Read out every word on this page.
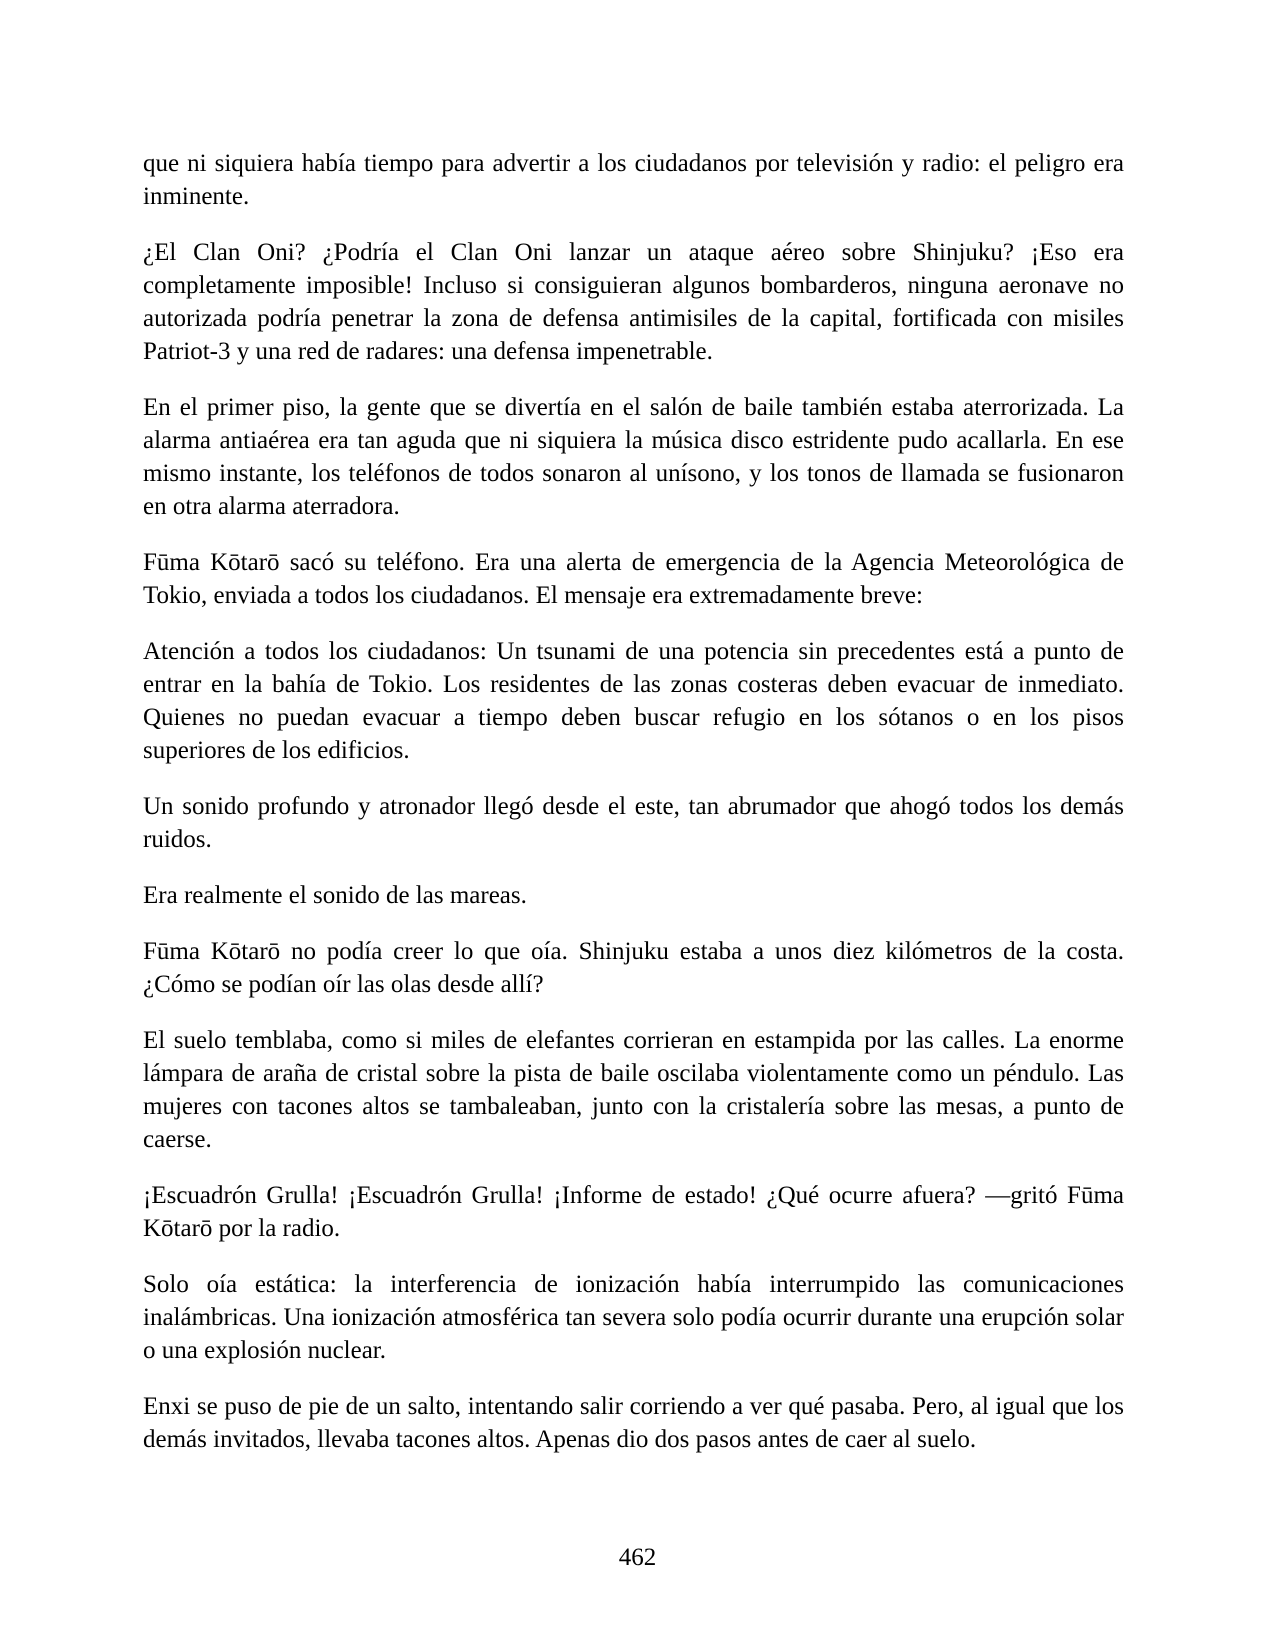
que ni siquiera había tiempo para advertir a los ciudadanos por televisión y radio: el peligro era inminente.

¿El Clan Oni? ¿Podría el Clan Oni lanzar un ataque aéreo sobre Shinjuku? ¡Eso era completamente imposible! Incluso si consiguieran algunos bombarderos, ninguna aeronave no autorizada podría penetrar la zona de defensa antimisiles de la capital, fortificada con misiles Patriot-3 y una red de radares: una defensa impenetrable.

En el primer piso, la gente que se divertía en el salón de baile también estaba aterrorizada. La alarma antiaérea era tan aguda que ni siquiera la música disco estridente pudo acallarla. En ese mismo instante, los teléfonos de todos sonaron al unísono, y los tonos de llamada se fusionaron en otra alarma aterradora.

Fūma Kōtarō sacó su teléfono. Era una alerta de emergencia de la Agencia Meteorológica de Tokio, enviada a todos los ciudadanos. El mensaje era extremadamente breve:

Atención a todos los ciudadanos: Un tsunami de una potencia sin precedentes está a punto de entrar en la bahía de Tokio. Los residentes de las zonas costeras deben evacuar de inmediato. Quienes no puedan evacuar a tiempo deben buscar refugio en los sótanos o en los pisos superiores de los edificios.

Un sonido profundo y atronador llegó desde el este, tan abrumador que ahogó todos los demás ruidos.

Era realmente el sonido de las mareas.

Fūma Kōtarō no podía creer lo que oía. Shinjuku estaba a unos diez kilómetros de la costa. ¿Cómo se podían oír las olas desde allí?

El suelo temblaba, como si miles de elefantes corrieran en estampida por las calles. La enorme lámpara de araña de cristal sobre la pista de baile oscilaba violentamente como un péndulo. Las mujeres con tacones altos se tambaleaban, junto con la cristalería sobre las mesas, a punto de caerse.

¡Escuadrón Grulla! ¡Escuadrón Grulla! ¡Informe de estado! ¿Qué ocurre afuera? —gritó Fūma Kōtarō por la radio.

Solo oía estática: la interferencia de ionización había interrumpido las comunicaciones inalámbricas. Una ionización atmosférica tan severa solo podía ocurrir durante una erupción solar o una explosión nuclear.

Enxi se puso de pie de un salto, intentando salir corriendo a ver qué pasaba. Pero, al igual que los demás invitados, llevaba tacones altos. Apenas dio dos pasos antes de caer al suelo.

462
